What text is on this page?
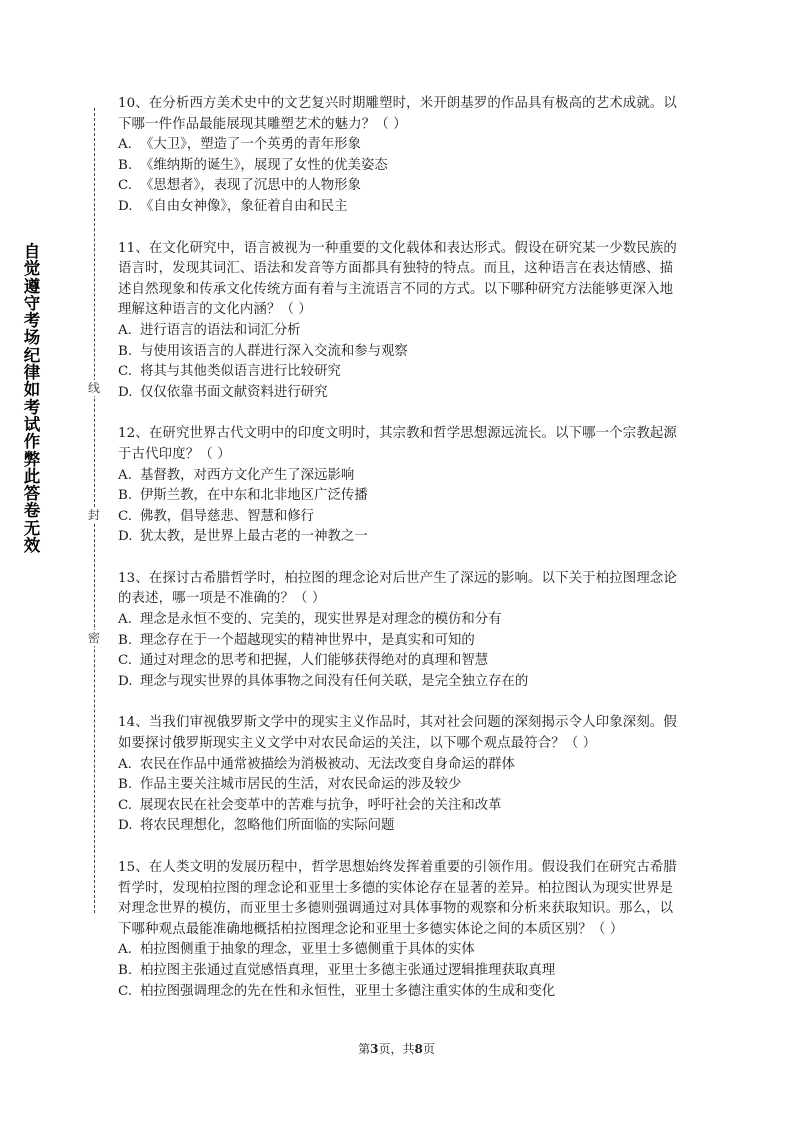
自觉遵守考场纪律如考试作弊此答卷无效
线
封
密

10、在分析西方美术史中的文艺复兴时期雕塑时，米开朗基罗的作品具有极高的艺术成就。以下哪一件作品最能展现其雕塑艺术的魅力？（ ）

A. 《大卫》，塑造了一个英勇的青年形象

B. 《维纳斯的诞生》，展现了女性的优美姿态

C. 《思想者》，表现了沉思中的人物形象

D. 《自由女神像》，象征着自由和民主

11、在文化研究中，语言被视为一种重要的文化载体和表达形式。假设在研究某一少数民族的语言时，发现其词汇、语法和发音等方面都具有独特的特点。而且，这种语言在表达情感、描述自然现象和传承文化传统方面有着与主流语言不同的方式。以下哪种研究方法能够更深入地理解这种语言的文化内涵？（ ）

A. 进行语言的语法和词汇分析

B. 与使用该语言的人群进行深入交流和参与观察

C. 将其与其他类似语言进行比较研究

D. 仅仅依靠书面文献资料进行研究

12、在研究世界古代文明中的印度文明时，其宗教和哲学思想源远流长。以下哪一个宗教起源于古代印度？（ ）

A. 基督教，对西方文化产生了深远影响

B. 伊斯兰教，在中东和北非地区广泛传播

C. 佛教，倡导慈悲、智慧和修行

D. 犹太教，是世界上最古老的一神教之一

13、在探讨古希腊哲学时，柏拉图的理念论对后世产生了深远的影响。以下关于柏拉图理念论的表述，哪一项是不准确的？（ ）

A. 理念是永恒不变的、完美的，现实世界是对理念的模仿和分有

B. 理念存在于一个超越现实的精神世界中，是真实和可知的

C. 通过对理念的思考和把握，人们能够获得绝对的真理和智慧

D. 理念与现实世界的具体事物之间没有任何关联，是完全独立存在的

14、当我们审视俄罗斯文学中的现实主义作品时，其对社会问题的深刻揭示令人印象深刻。假如要探讨俄罗斯现实主义文学中对农民命运的关注，以下哪个观点最符合？（ ）

A. 农民在作品中通常被描绘为消极被动、无法改变自身命运的群体

B. 作品主要关注城市居民的生活，对农民命运的涉及较少

C. 展现农民在社会变革中的苦难与抗争，呼吁社会的关注和改革

D. 将农民理想化，忽略他们所面临的实际问题

15、在人类文明的发展历程中，哲学思想始终发挥着重要的引领作用。假设我们在研究古希腊哲学时，发现柏拉图的理念论和亚里士多德的实体论存在显著的差异。柏拉图认为现实世界是对理念世界的模仿，而亚里士多德则强调通过对具体事物的观察和分析来获取知识。那么，以下哪种观点最能准确地概括柏拉图理念论和亚里士多德实体论之间的本质区别？（ ）

A. 柏拉图侧重于抽象的理念，亚里士多德侧重于具体的实体

B. 柏拉图主张通过直觉感悟真理，亚里士多德主张通过逻辑推理获取真理

C. 柏拉图强调理念的先在性和永恒性，亚里士多德注重实体的生成和变化

第3页，共8页
